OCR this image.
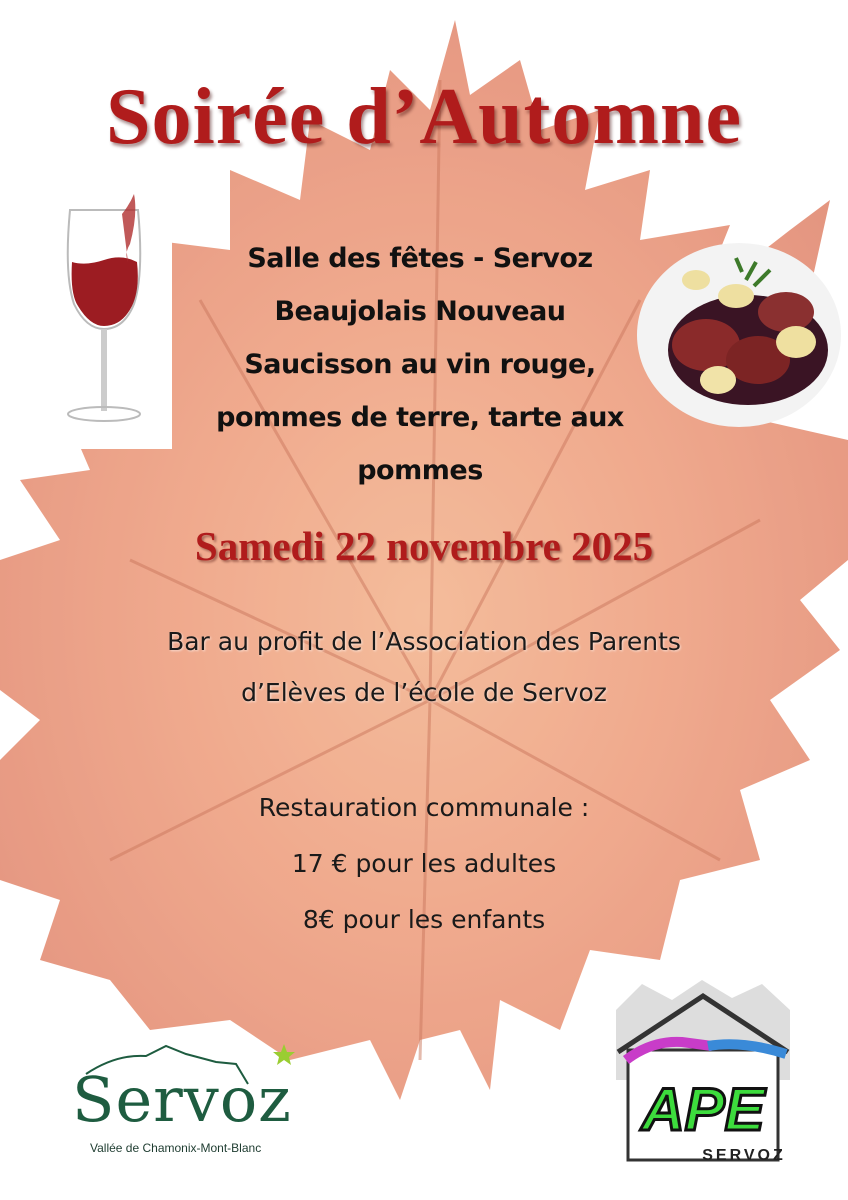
Soirée d’Automne
Salle des fêtes - Servoz
Beaujolais Nouveau
Saucisson au vin rouge,
pommes de terre, tarte aux
pommes
Samedi 22 novembre 2025
Bar au profit de l’Association des Parents
d’Elèves de l’école de Servoz
Restauration communale :
17 € pour les adultes
8€ pour les enfants
Servoz
Vallée de Chamonix-Mont-Blanc
APE
SERVOZ
